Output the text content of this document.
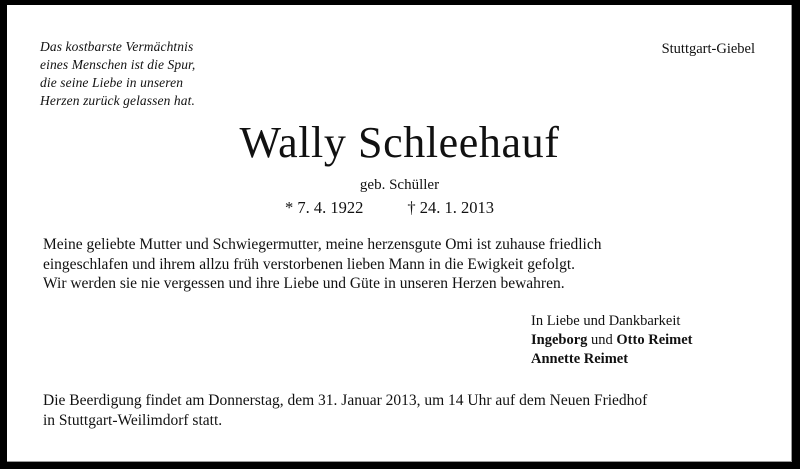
Das kostbarste Vermächtnis
eines Menschen ist die Spur,
die seine Liebe in unseren
Herzen zurück gelassen hat.
Stuttgart-Giebel
Wally Schleehauf
geb. Schüller
* 7. 4. 1922	† 24. 1. 2013
Meine geliebte Mutter und Schwiegermutter, meine herzensgute Omi ist zuhause friedlich
eingeschlafen und ihrem allzu früh verstorbenen lieben Mann in die Ewigkeit gefolgt.
Wir werden sie nie vergessen und ihre Liebe und Güte in unseren Herzen bewahren.
In Liebe und Dankbarkeit
Ingeborg und Otto Reimet
Annette Reimet
Die Beerdigung findet am Donnerstag, dem 31. Januar 2013, um 14 Uhr auf dem Neuen Friedhof
in Stuttgart-Weilimdorf statt.
